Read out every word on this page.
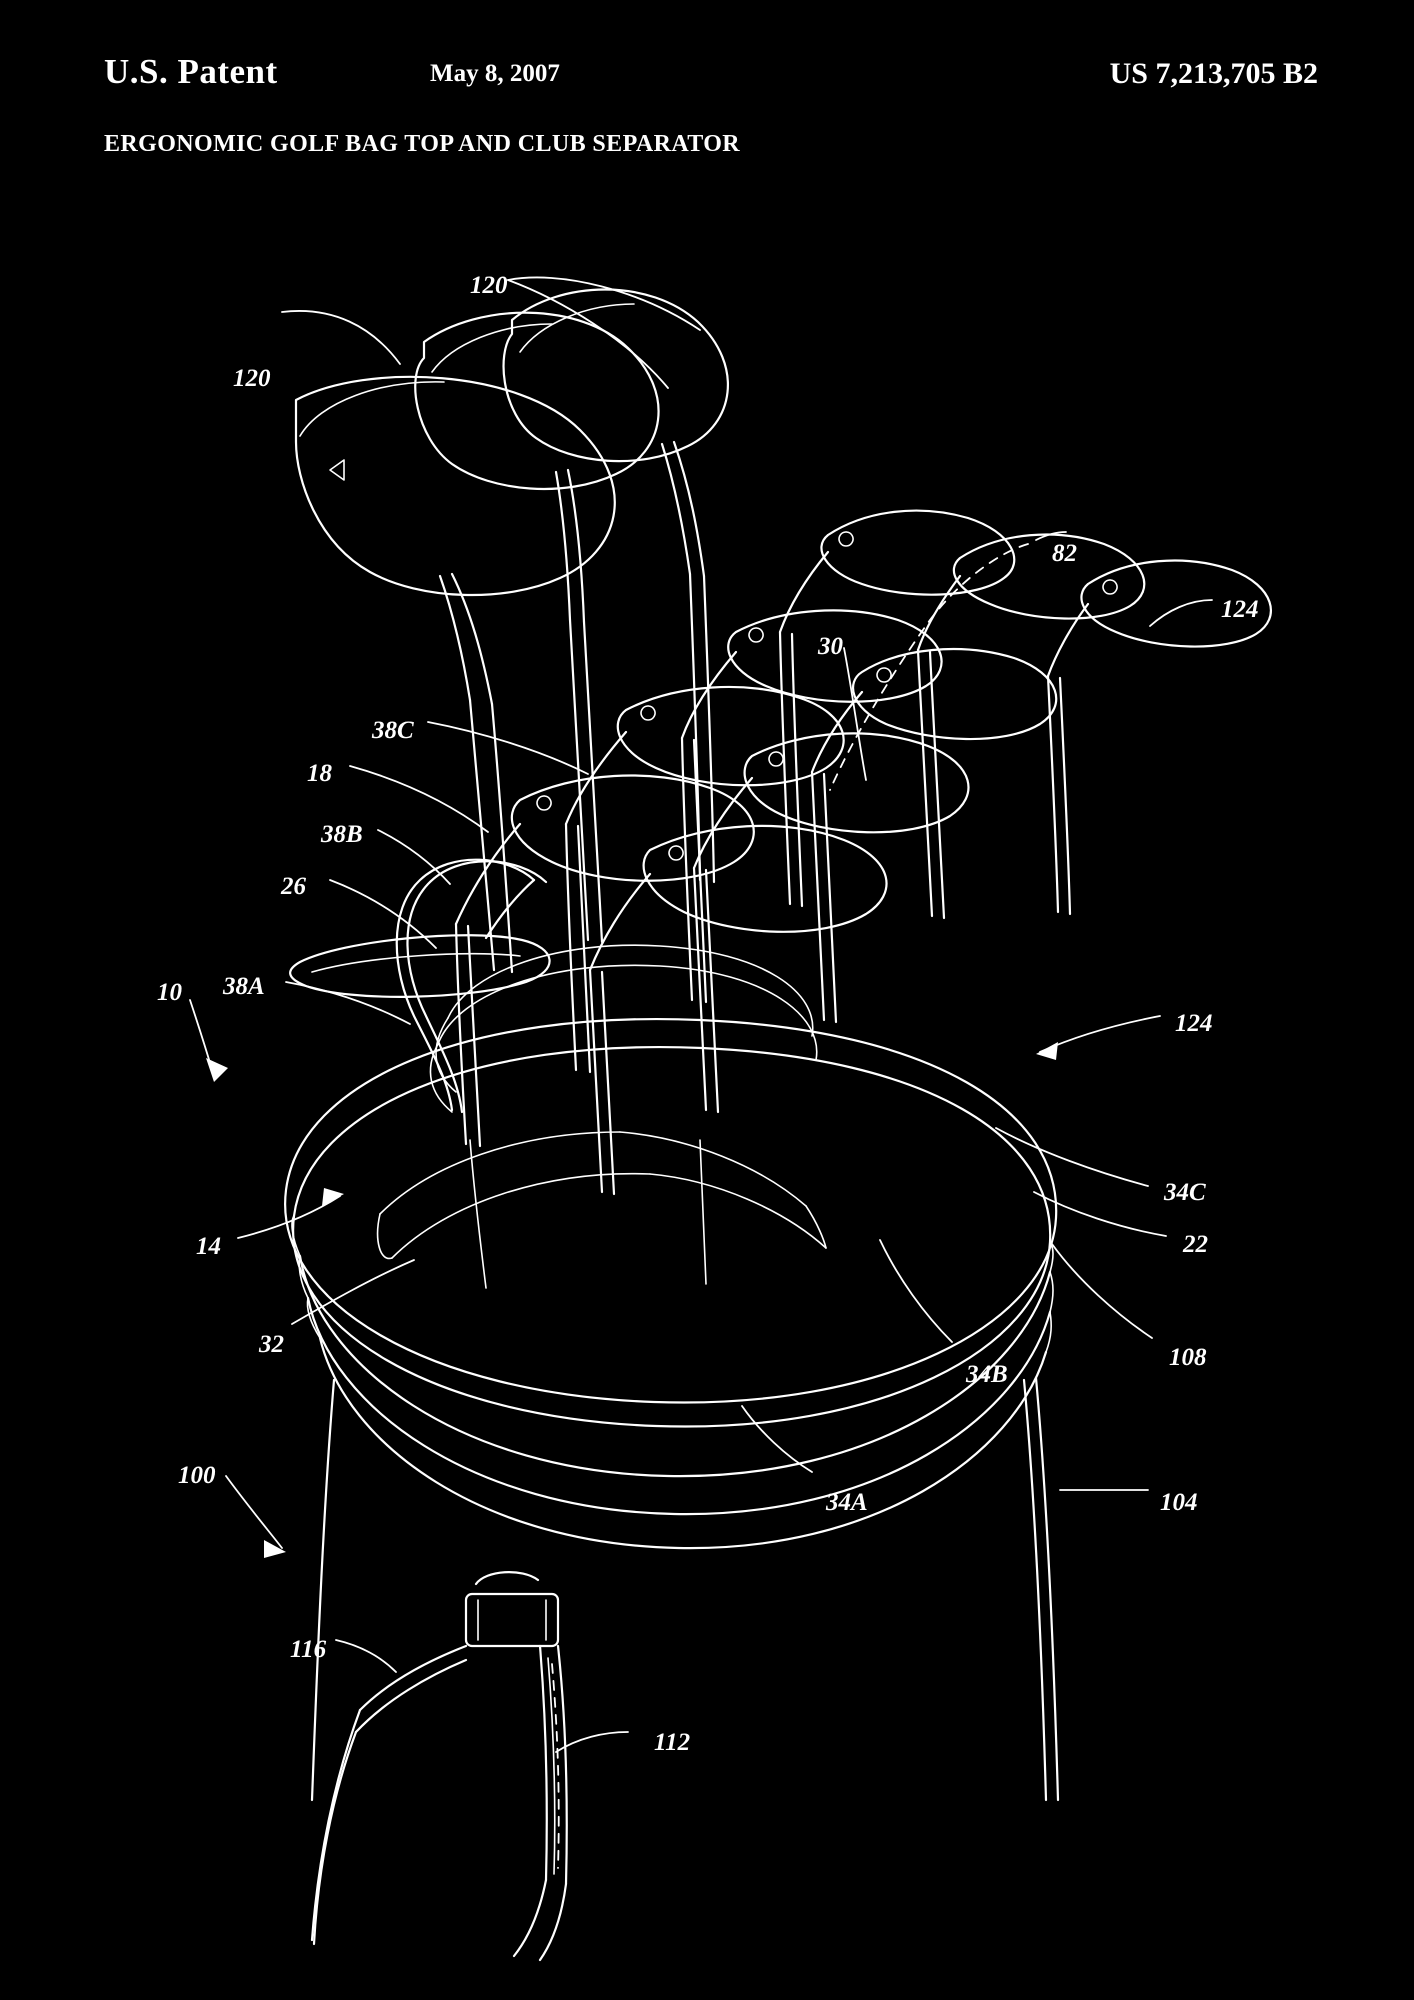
U.S. Patent	May 8, 2007	US 7,213,705 B2
ERGONOMIC GOLF BAG TOP AND CLUB SEPARATOR
120
120
82
124
30
38C
18
38B
26
10 38A
124
34C
22
14
32	108
34B
100
34A	104
116
112
